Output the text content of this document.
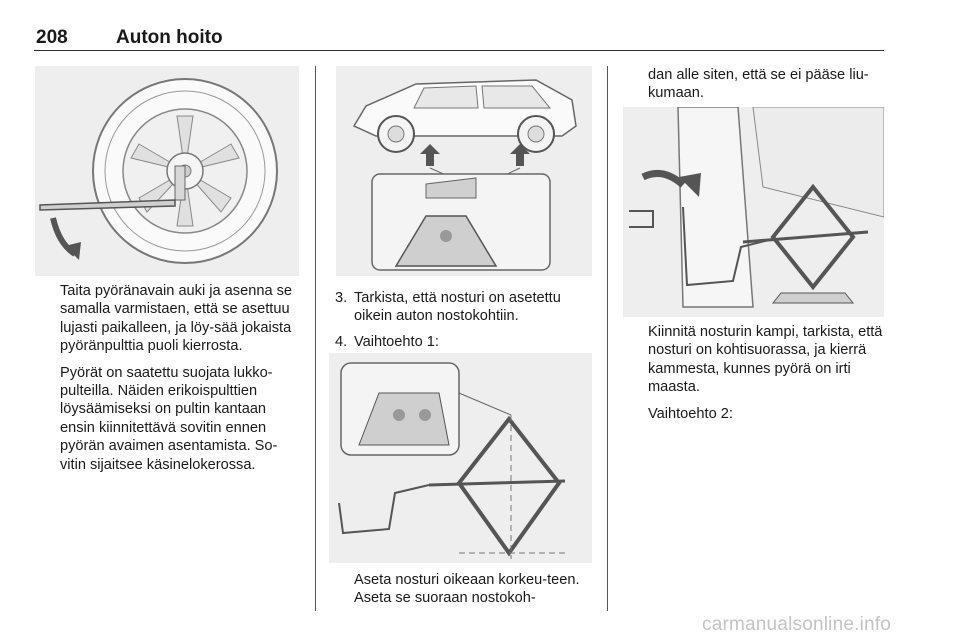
208	Auton hoito

Taita pyöränavain auki ja asenna se samalla varmistaen, että se asettuu lujasti paikalleen, ja löy-sää jokaista pyöränpulttia puoli kierrosta.

Pyörät on saatettu suojata lukko-pulteilla. Näiden erikoispulttien löysäämiseksi on pultin kantaan ensin kiinnitettävä sovitin ennen pyörän avaimen asentamista. So-vitin sijaitsee käsinelokerossa.

3. Tarkista, että nosturi on asetettu oikein auton nostokohtiin.
4. Vaihtoehto 1:
Aseta nosturi oikeaan korkeu-teen. Aseta se suoraan nostokoh-
dan alle siten, että se ei pääse liu-kumaan.

Kiinnitä nosturin kampi, tarkista, että nosturi on kohtisuorassa, ja kierrä kammesta, kunnes pyörä on irti maasta.

Vaihtoehto 2:

carmanualsonline.info
